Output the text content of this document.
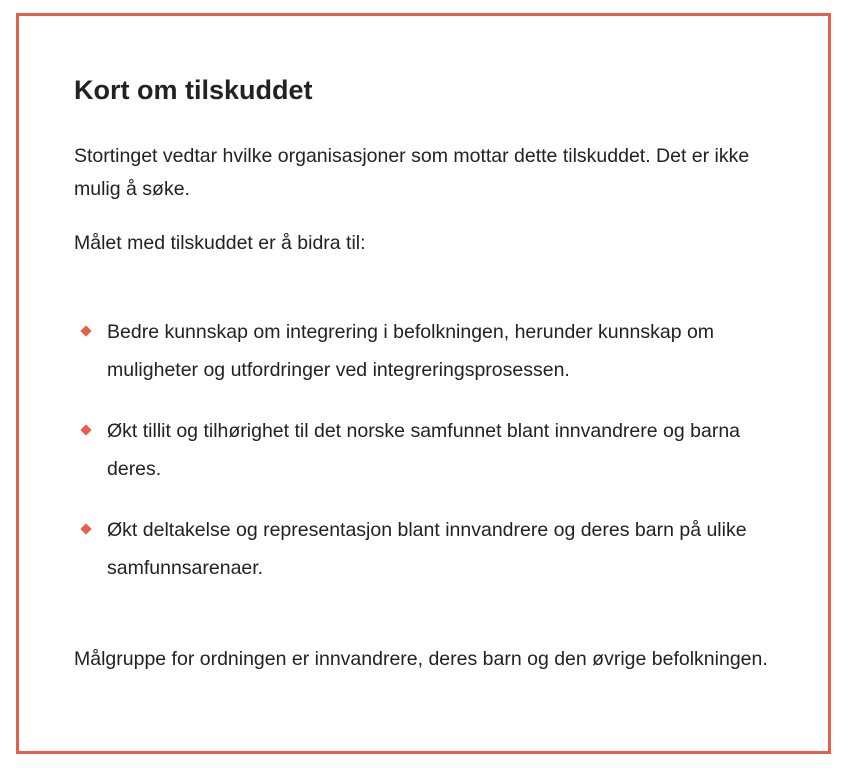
Kort om tilskuddet

Stortinget vedtar hvilke organisasjoner som mottar dette tilskuddet. Det er ikke mulig å søke.

Målet med tilskuddet er å bidra til:

Bedre kunnskap om integrering i befolkningen, herunder kunnskap om muligheter og utfordringer ved integreringsprosessen.
Økt tillit og tilhørighet til det norske samfunnet blant innvandrere og barna deres.
Økt deltakelse og representasjon blant innvandrere og deres barn på ulike samfunnsarenaer.

Målgruppe for ordningen er innvandrere, deres barn og den øvrige befolkningen.
